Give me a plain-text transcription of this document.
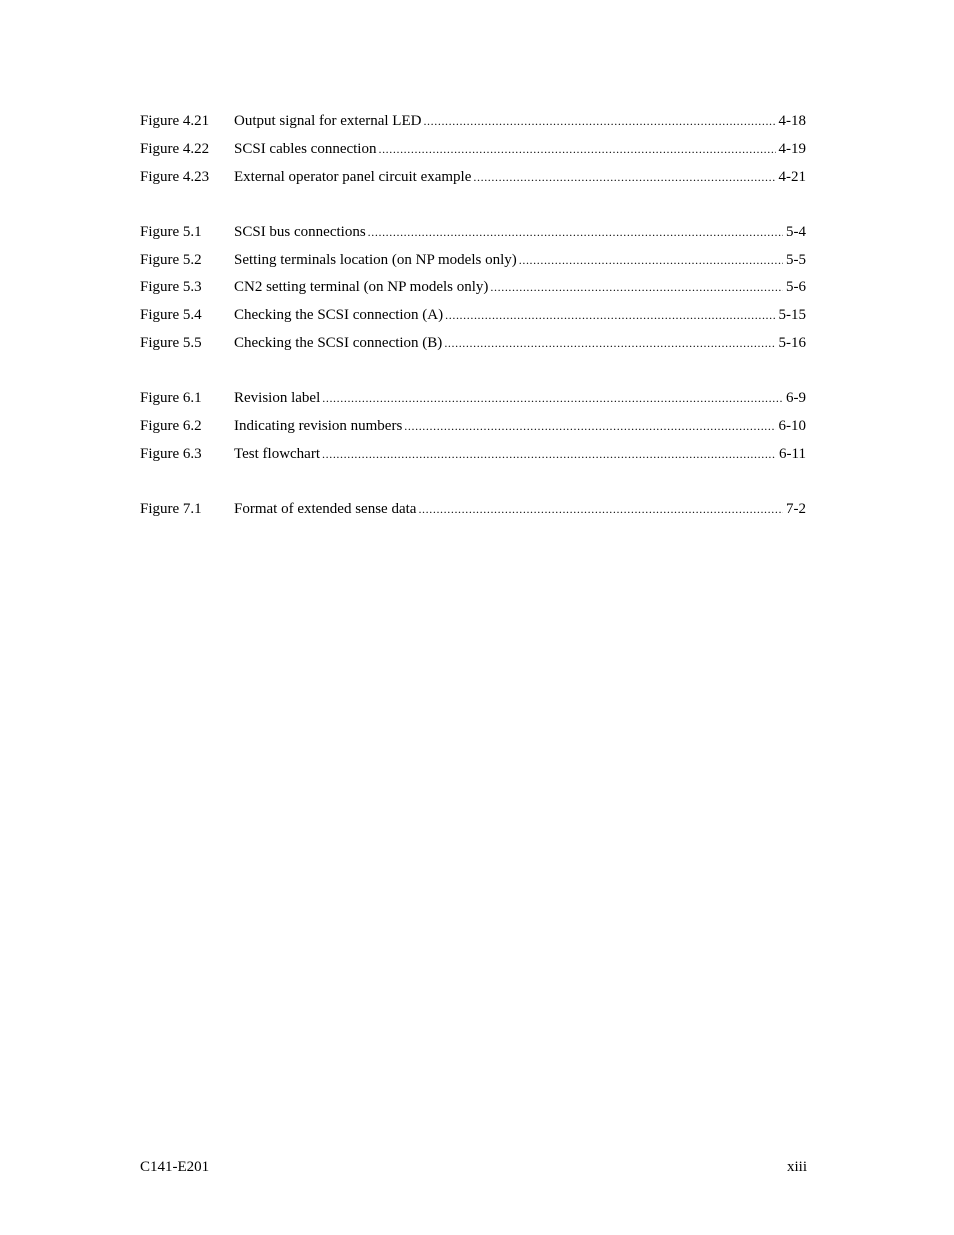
Figure 4.21	Output signal for external LED .....	4-18
Figure 4.22	SCSI cables connection .....	4-19
Figure 4.23	External operator panel circuit example .....	4-21
Figure 5.1	SCSI bus connections .....	5-4
Figure 5.2	Setting terminals location (on NP models only) .....	5-5
Figure 5.3	CN2 setting terminal (on NP models only) .....	5-6
Figure 5.4	Checking the SCSI connection (A) .....	5-15
Figure 5.5	Checking the SCSI connection (B) .....	5-16
Figure 6.1	Revision label .....	6-9
Figure 6.2	Indicating revision numbers .....	6-10
Figure 6.3	Test flowchart .....	6-11
Figure 7.1	Format of extended sense data .....	7-2
C141-E201	xiii
